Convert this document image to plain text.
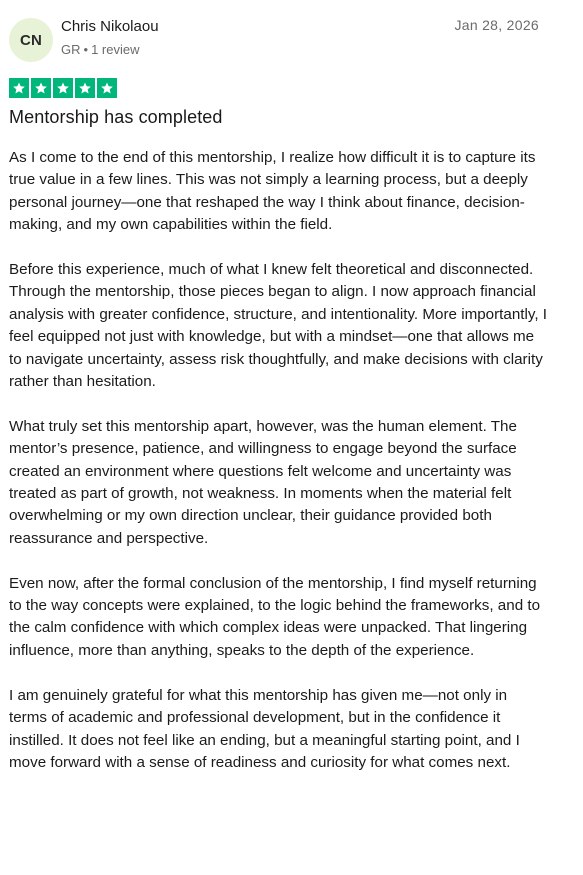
CN
Chris Nikolaou
GR • 1 review
Jan 28, 2026
Mentorship has completed

As I come to the end of this mentorship, I realize how difficult it is to capture its true value in a few lines. This was not simply a learning process, but a deeply personal journey—one that reshaped the way I think about finance, decision-making, and my own capabilities within the field.

Before this experience, much of what I knew felt theoretical and disconnected. Through the mentorship, those pieces began to align. I now approach financial analysis with greater confidence, structure, and intentionality. More importantly, I feel equipped not just with knowledge, but with a mindset—one that allows me to navigate uncertainty, assess risk thoughtfully, and make decisions with clarity rather than hesitation.

What truly set this mentorship apart, however, was the human element. The mentor’s presence, patience, and willingness to engage beyond the surface created an environment where questions felt welcome and uncertainty was treated as part of growth, not weakness. In moments when the material felt overwhelming or my own direction unclear, their guidance provided both reassurance and perspective.

Even now, after the formal conclusion of the mentorship, I find myself returning to the way concepts were explained, to the logic behind the frameworks, and to the calm confidence with which complex ideas were unpacked. That lingering influence, more than anything, speaks to the depth of the experience.

I am genuinely grateful for what this mentorship has given me—not only in terms of academic and professional development, but in the confidence it instilled. It does not feel like an ending, but a meaningful starting point, and I move forward with a sense of readiness and curiosity for what comes next.
